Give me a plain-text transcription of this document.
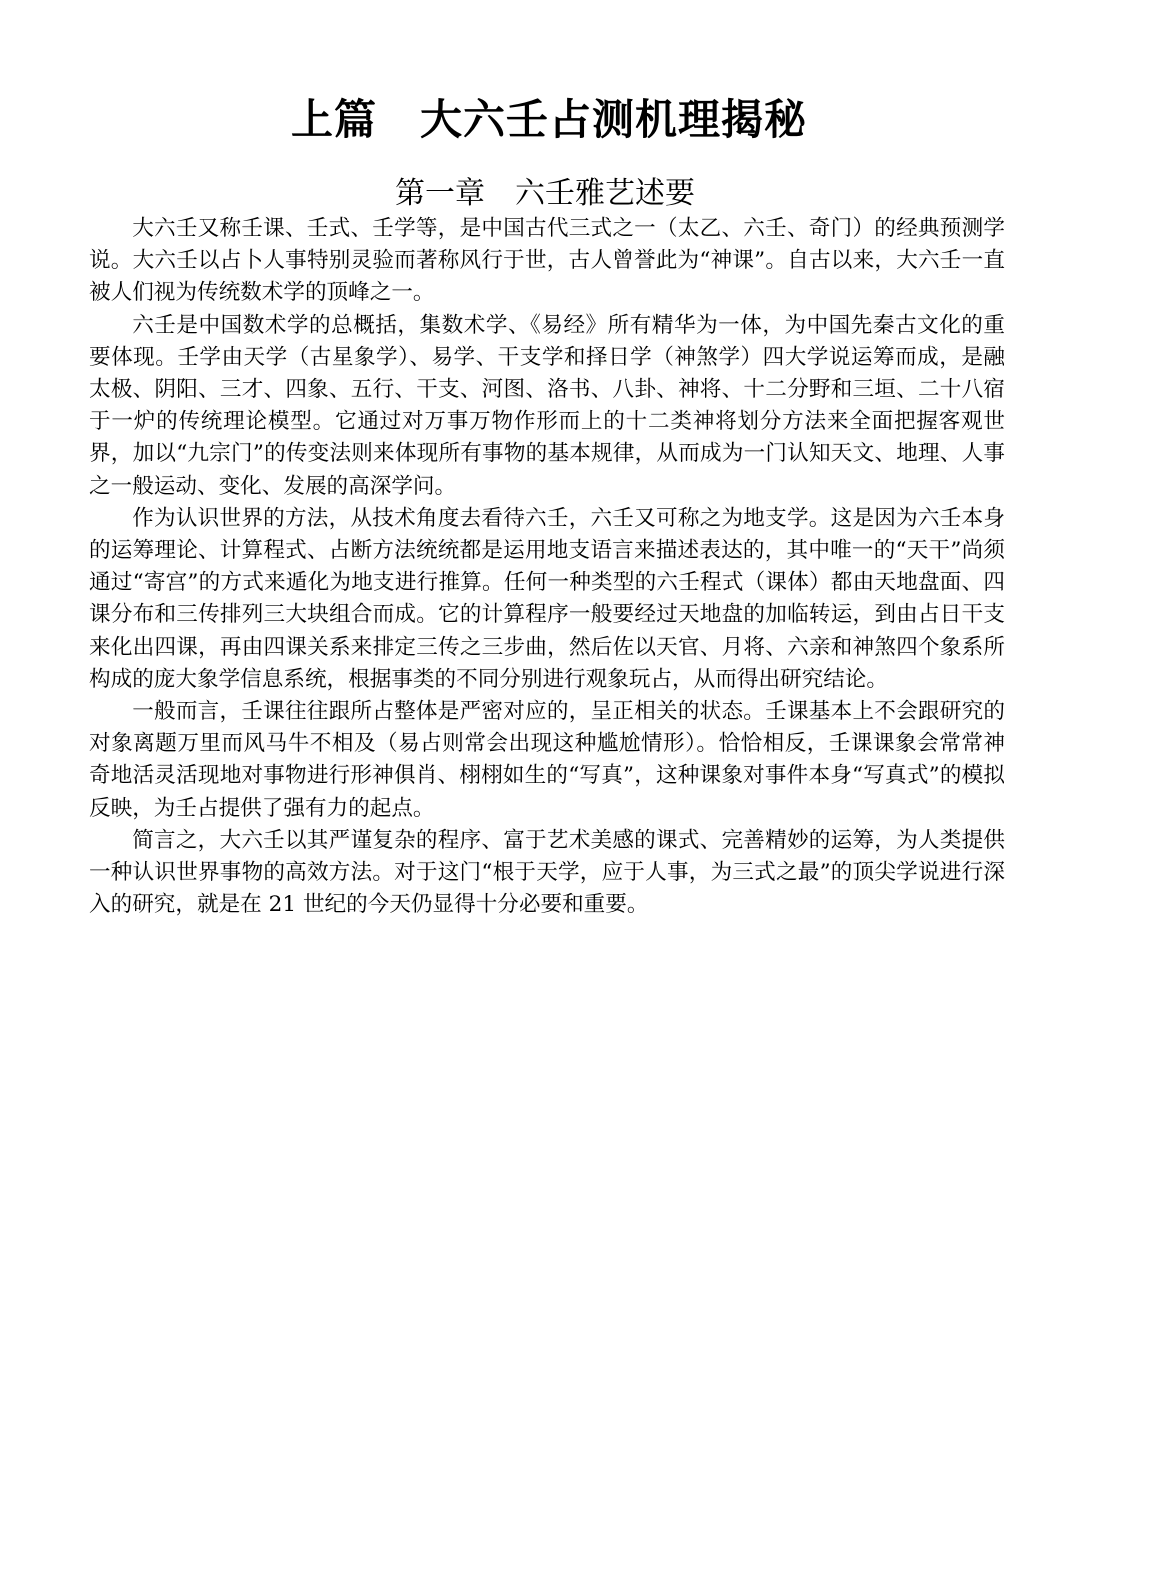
上篇　大六壬占测机理揭秘
第一章　六壬雅艺述要

大六壬又称壬课、壬式、壬学等，是中国古代三式之一（太乙、六壬、奇门）的经典预测学说。大六壬以占卜人事特别灵验而著称风行于世，古人曾誉此为“神课”。自古以来，大六壬一直被人们视为传统数术学的顶峰之一。

六壬是中国数术学的总概括，集数术学、《易经》所有精华为一体，为中国先秦古文化的重要体现。壬学由天学（古星象学）、易学、干支学和择日学（神煞学）四大学说运筹而成，是融太极、阴阳、三才、四象、五行、干支、河图、洛书、八卦、神将、十二分野和三垣、二十八宿于一炉的传统理论模型。它通过对万事万物作形而上的十二类神将划分方法来全面把握客观世界，加以“九宗门”的传变法则来体现所有事物的基本规律，从而成为一门认知天文、地理、人事之一般运动、变化、发展的高深学问。

作为认识世界的方法，从技术角度去看待六壬，六壬又可称之为地支学。这是因为六壬本身的运筹理论、计算程式、占断方法统统都是运用地支语言来描述表达的，其中唯一的“天干”尚须通过“寄宫”的方式来遁化为地支进行推算。任何一种类型的六壬程式（课体）都由天地盘面、四课分布和三传排列三大块组合而成。它的计算程序一般要经过天地盘的加临转运，到由占日干支来化出四课，再由四课关系来排定三传之三步曲，然后佐以天官、月将、六亲和神煞四个象系所构成的庞大象学信息系统，根据事类的不同分别进行观象玩占，从而得出研究结论。

一般而言，壬课往往跟所占整体是严密对应的，呈正相关的状态。壬课基本上不会跟研究的对象离题万里而风马牛不相及（易占则常会出现这种尴尬情形）。恰恰相反，壬课课象会常常神奇地活灵活现地对事物进行形神俱肖、栩栩如生的“写真”，这种课象对事件本身“写真式”的模拟反映，为壬占提供了强有力的起点。

简言之，大六壬以其严谨复杂的程序、富于艺术美感的课式、完善精妙的运筹，为人类提供一种认识世界事物的高效方法。对于这门“根于天学，应于人事，为三式之最”的顶尖学说进行深入的研究，就是在 21 世纪的今天仍显得十分必要和重要。
